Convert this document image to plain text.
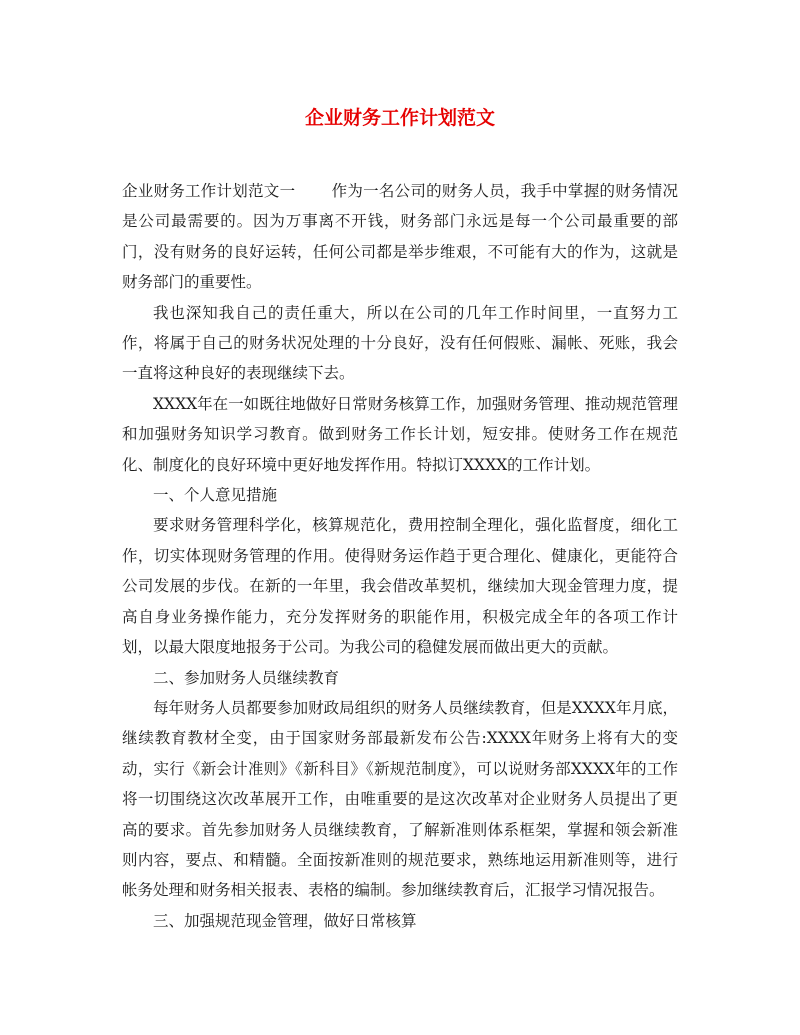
企业财务工作计划范文

企业财务工作计划范文一 作为一名公司的财务人员，我手中掌握的财务情况是公司最需要的。因为万事离不开钱，财务部门永远是每一个公司最重要的部门，没有财务的良好运转，任何公司都是举步维艰，不可能有大的作为，这就是财务部门的重要性。

我也深知我自己的责任重大，所以在公司的几年工作时间里，一直努力工作，将属于自己的财务状况处理的十分良好，没有任何假账、漏帐、死账，我会一直将这种良好的表现继续下去。

XXXX年在一如既往地做好日常财务核算工作，加强财务管理、推动规范管理和加强财务知识学习教育。做到财务工作长计划，短安排。使财务工作在规范化、制度化的良好环境中更好地发挥作用。特拟订XXXX的工作计划。

一、个人意见措施

要求财务管理科学化，核算规范化，费用控制全理化，强化监督度，细化工作，切实体现财务管理的作用。使得财务运作趋于更合理化、健康化，更能符合公司发展的步伐。在新的一年里，我会借改革契机，继续加大现金管理力度，提高自身业务操作能力，充分发挥财务的职能作用，积极完成全年的各项工作计划，以最大限度地报务于公司。为我公司的稳健发展而做出更大的贡献。

二、参加财务人员继续教育

每年财务人员都要参加财政局组织的财务人员继续教育，但是XXXX年月底，继续教育教材全变，由于国家财务部最新发布公告:XXXX年财务上将有大的变动，实行《新会计准则》《新科目》《新规范制度》，可以说财务部XXXX年的工作将一切围绕这次改革展开工作，由唯重要的是这次改革对企业财务人员提出了更高的要求。首先参加财务人员继续教育，了解新准则体系框架，掌握和领会新准则内容，要点、和精髓。全面按新准则的规范要求，熟练地运用新准则等，进行帐务处理和财务相关报表、表格的编制。参加继续教育后，汇报学习情况报告。

三、加强规范现金管理，做好日常核算
